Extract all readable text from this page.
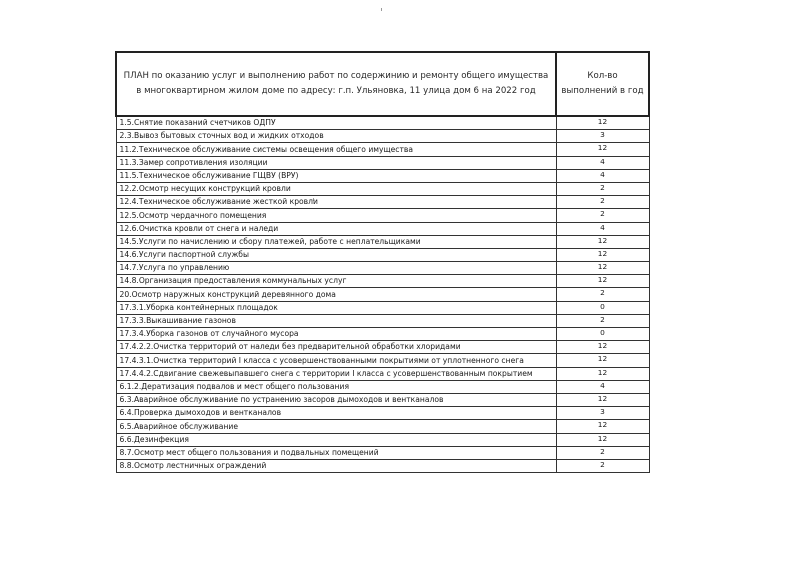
ПЛАН по оказанию услуг и выполнению работ по содержинию и ремонту общего имущества в многоквартирном жилом доме по адресу: г.п. Ульяновка, 11 улица дом 6 на 2022 год	Кол-во выполнений в год
1.5.Снятие показаний счетчиков ОДПУ	12
2.3.Вывоз бытовых сточных вод и жидких отходов	3
11.2.Техническое обслуживание системы освещения общего имущества	12
11.3.Замер сопротивления изоляции	4
11.5.Техническое обслуживание ГЩВУ (ВРУ)	4
12.2.Осмотр несущих конструкций кровли	2
12.4.Техническое обслуживание жесткой кровли	2
12.5.Осмотр чердачного помещения	2
12.6.Очистка кровли от снега и наледи	4
14.5.Услуги по начислению и сбору платежей, работе с неплательщиками	12
14.6.Услуги паспортной службы	12
14.7.Услуга по управлению	12
14.8.Организация предоставления коммунальных услуг	12
20.Осмотр наружных конструкций деревянного дома	2
17.3.1.Уборка контейнерных площадок	0
17.3.3.Выкашивание газонов	2
17.3.4.Уборка газонов от случайного мусора	0
17.4.2.2.Очистка территорий от наледи без предварительной обработки хлоридами	12
17.4.3.1.Очистка территорий I класса с усовершенствованными покрытиями от уплотненного снега	12
17.4.4.2.Сдвигание свежевыпавшего снега с территории I класса с усовершенствованным покрытием	12
6.1.2.Дератизация подвалов и мест общего пользования	4
6.3.Аварийное обслуживание по устранению засоров дымоходов и вентканалов	12
6.4.Проверка дымоходов и вентканалов	3
6.5.Аварийное обслуживание	12
6.6.Дезинфекция	12
8.7.Осмотр мест общего пользования и подвальных помещений	2
8.8.Осмотр лестничных ограждений	2
